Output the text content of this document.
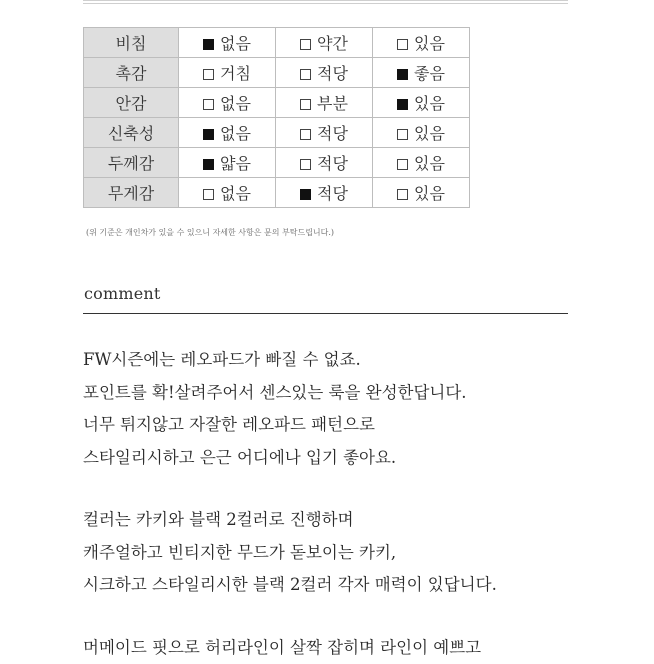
비침	없음	약간	있음
촉감	거침	적당	좋음
안감	없음	부분	있음
신축성	없음	적당	있음
두께감	얇음	적당	있음
무게감	없음	적당	있음
(위 기준은 개인차가 있을 수 있으니 자세한 사항은 문의 부탁드립니다.)
comment
FW시즌에는 레오파드가 빠질 수 없죠.
포인트를 확!살려주어서 센스있는 룩을 완성한답니다.
너무 튀지않고 자잘한 레오파드 패턴으로
스타일리시하고 은근 어디에나 입기 좋아요.
컬러는 카키와 블랙 2컬러로 진행하며
캐주얼하고 빈티지한 무드가 돋보이는 카키,
시크하고 스타일리시한 블랙 2컬러 각자 매력이 있답니다.
머메이드 핏으로 허리라인이 살짝 잡히며 라인이 예쁘고
